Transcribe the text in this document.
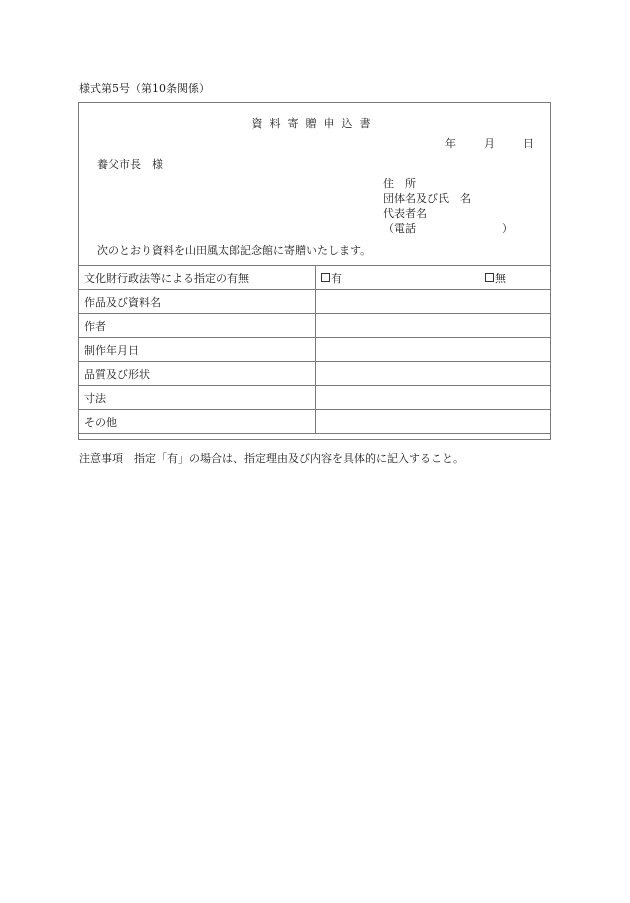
様式第5号（第10条関係）
資料寄贈申込書
年	月	日
養父市長　様
住　所
団体名及び氏　名
代表者名
（電話	）
次のとおり資料を山田風太郎記念館に寄贈いたします。
文化財行政法等による指定の有無	有 無

作品及び資料名	
作者	
制作年月日	
品質及び形状	
寸法	
その他	
注意事項 指定「有」の場合は、指定理由及び内容を具体的に記入すること。
